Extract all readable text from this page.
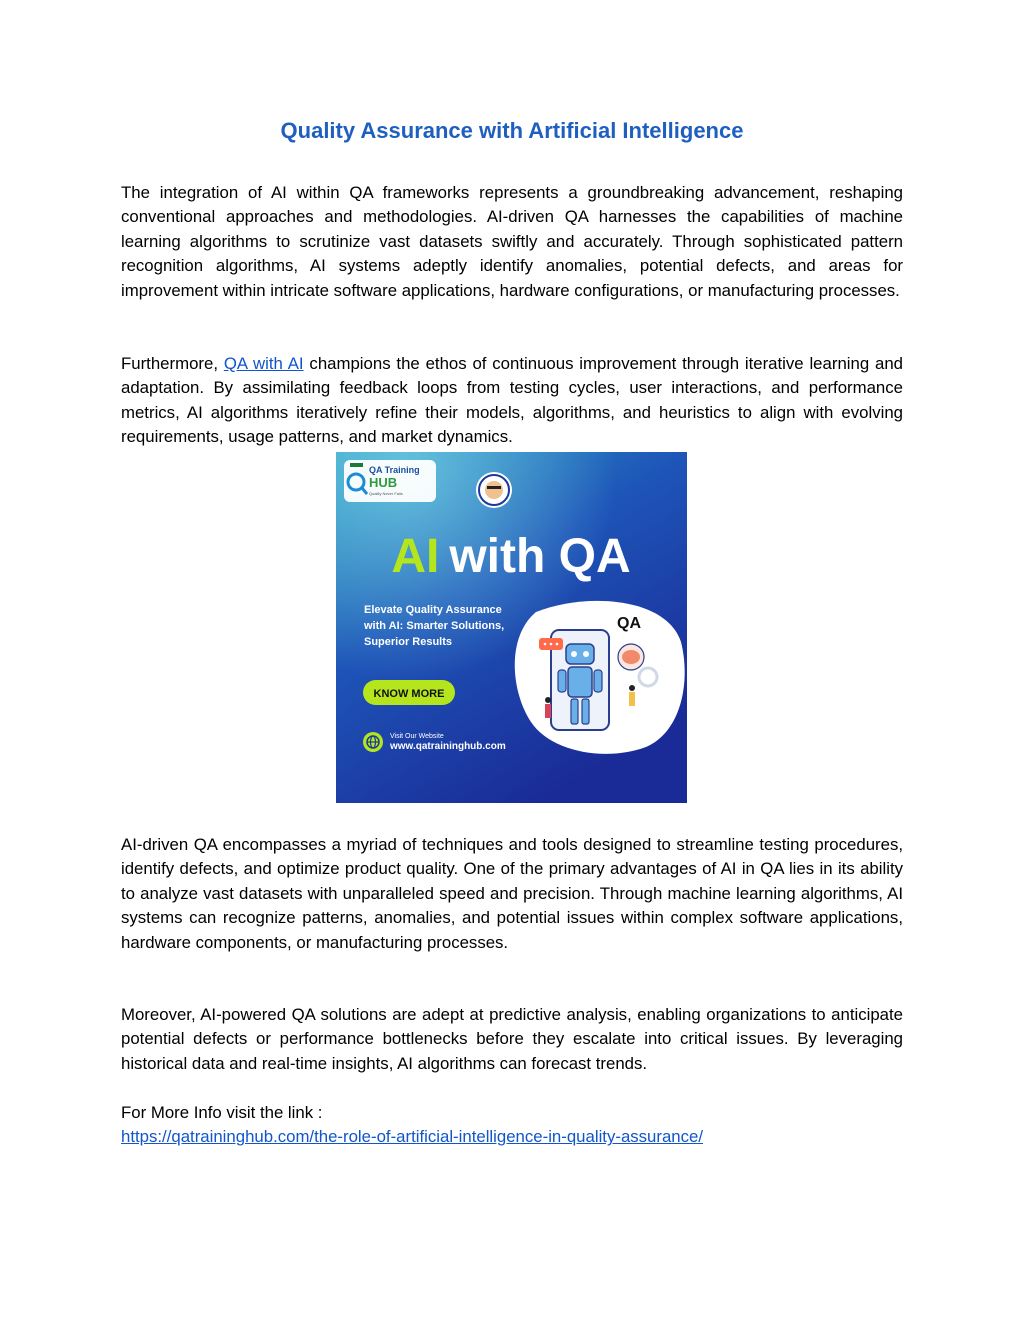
Quality Assurance with Artificial Intelligence

The integration of AI within QA frameworks represents a groundbreaking advancement, reshaping conventional approaches and methodologies. AI-driven QA harnesses the capabilities of machine learning algorithms to scrutinize vast datasets swiftly and accurately. Through sophisticated pattern recognition algorithms, AI systems adeptly identify anomalies, potential defects, and areas for improvement within intricate software applications, hardware configurations, or manufacturing processes.

Furthermore, QA with AI champions the ethos of continuous improvement through iterative learning and adaptation. By assimilating feedback loops from testing cycles, user interactions, and performance metrics, AI algorithms iteratively refine their models, algorithms, and heuristics to align with evolving requirements, usage patterns, and market dynamics.

QA Training
HUB
Quality Never Fails
AI with QA
Elevate Quality Assurance
with AI: Smarter Solutions,
Superior Results
KNOW MORE
Visit Our Website
www.qatraininghub.com
QA

AI-driven QA encompasses a myriad of techniques and tools designed to streamline testing procedures, identify defects, and optimize product quality. One of the primary advantages of AI in QA lies in its ability to analyze vast datasets with unparalleled speed and precision. Through machine learning algorithms, AI systems can recognize patterns, anomalies, and potential issues within complex software applications, hardware components, or manufacturing processes.

Moreover, AI-powered QA solutions are adept at predictive analysis, enabling organizations to anticipate potential defects or performance bottlenecks before they escalate into critical issues. By leveraging historical data and real-time insights, AI algorithms can forecast trends.

For More Info visit the link :
https://qatraininghub.com/the-role-of-artificial-intelligence-in-quality-assurance/
